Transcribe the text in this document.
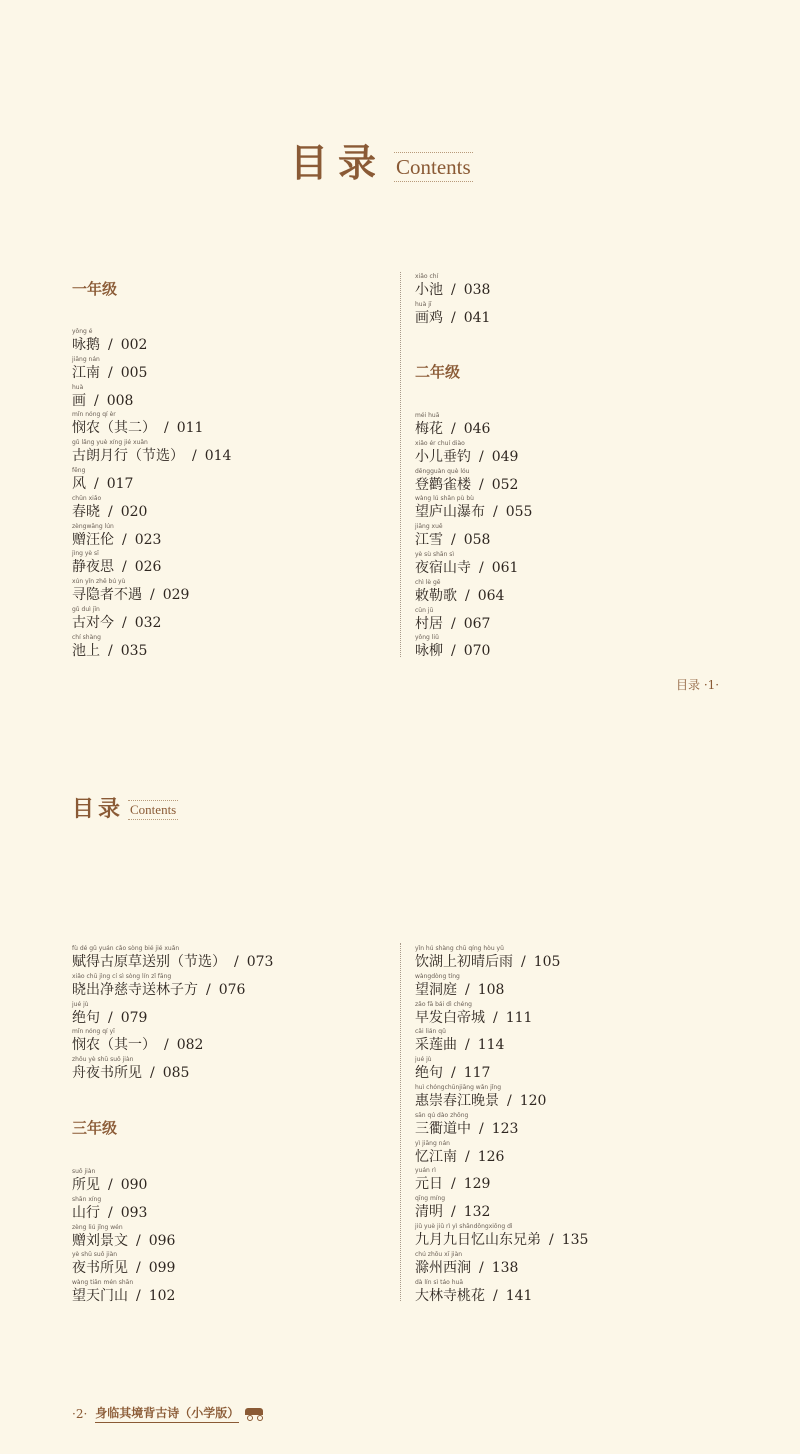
目录 Contents
一年级
yǒng é
咏鹅 / 002
jiāng nán
江南 / 005
huà
画 / 008
mǐn nóng qí èr
悯农（其二） / 011
gǔ lǎng yuè xíng jié xuǎn
古朗月行（节选） / 014
fēng
风 / 017
chūn xiǎo
春晓 / 020
zèngwāng lún
赠汪伦 / 023
jìng yè sī
静夜思 / 026
xún yǐn zhě bú yù
寻隐者不遇 / 029
gǔ duì jīn
古对今 / 032
chí shàng
池上 / 035
xiǎo chí
小池 / 038
huà jī
画鸡 / 041
二年级
méi huā
梅花 / 046
xiǎo ér chuí diào
小儿垂钓 / 049
dēngguàn què lóu
登鹳雀楼 / 052
wàng lú shān pù bù
望庐山瀑布 / 055
jiāng xuě
江雪 / 058
yè sù shān sì
夜宿山寺 / 061
chì lè gē
敕勒歌 / 064
cūn jū
村居 / 067
yǒng liǔ
咏柳 / 070
目录 ·1·
目录 Contents
fù dé gǔ yuán cǎo sòng bié jié xuǎn
赋得古原草送别（节选） / 073
xiǎo chū jìng cí sì sòng lín zǐ fāng
晓出净慈寺送林子方 / 076
jué jù
绝句 / 079
mǐn nóng qí yī
悯农（其一） / 082
zhōu yè shū suǒ jiàn
舟夜书所见 / 085
三年级
suǒ jiàn
所见 / 090
shān xíng
山行 / 093
zèng liú jǐng wén
赠刘景文 / 096
yè shū suǒ jiàn
夜书所见 / 099
wàng tiān mén shān
望天门山 / 102
yǐn hú shàng chū qíng hòu yǔ
饮湖上初晴后雨 / 105
wàngdòng tíng
望洞庭 / 108
zǎo fā bái dì chéng
早发白帝城 / 111
cǎi lián qǔ
采莲曲 / 114
jué jù
绝句 / 117
huì chóngchūnjiāng wǎn jǐng
惠崇春江晚景 / 120
sān qú dào zhōng
三衢道中 / 123
yì jiāng nán
忆江南 / 126
yuán rì
元日 / 129
qīng míng
清明 / 132
jiǔ yuè jiǔ rì yì shāndōngxiōng dì
九月九日忆山东兄弟 / 135
chú zhōu xī jiàn
滁州西涧 / 138
dà lín sì táo huā
大林寺桃花 / 141
·2· 身临其境背古诗（小学版）
